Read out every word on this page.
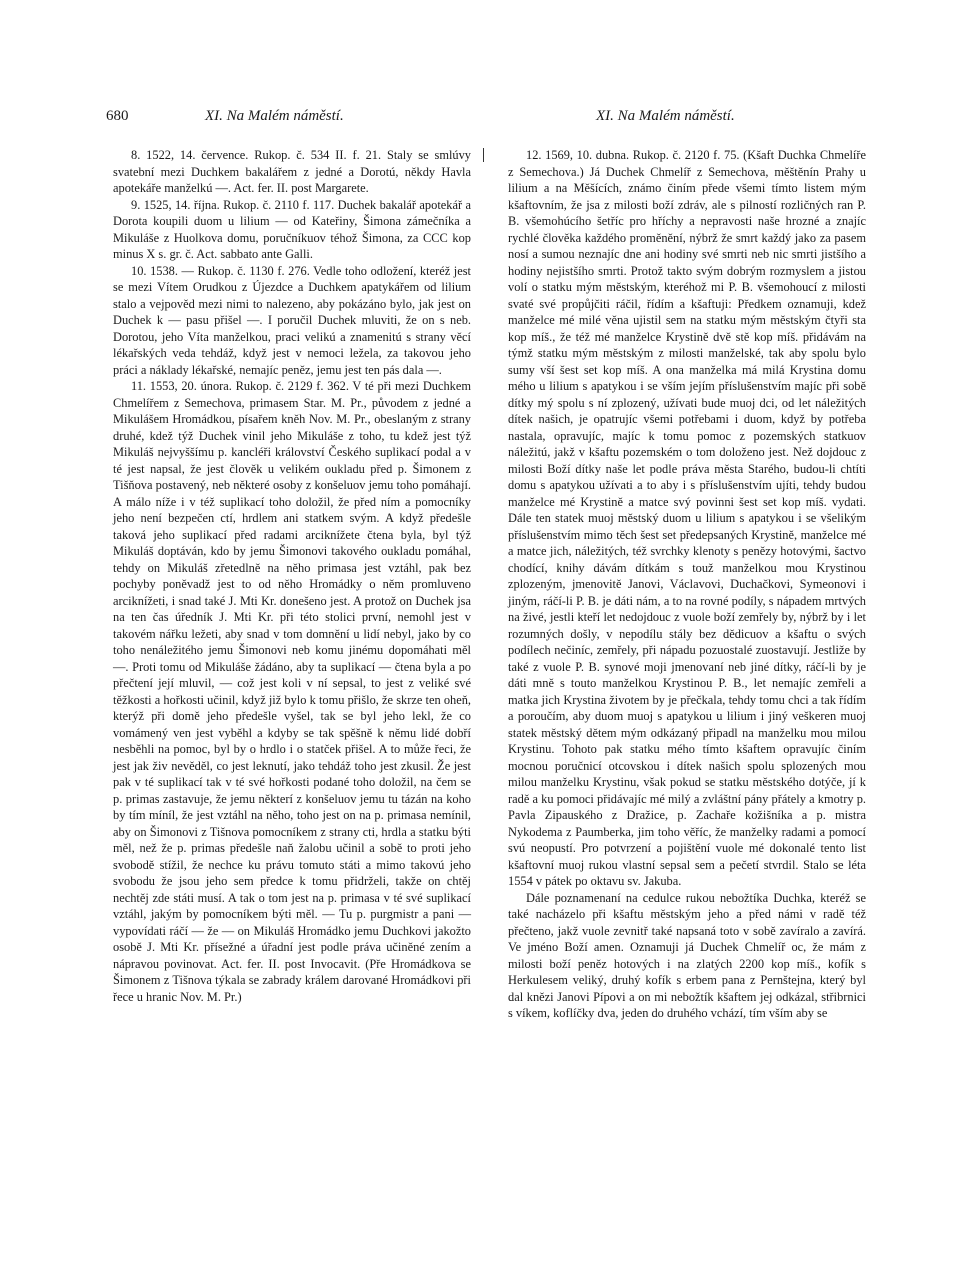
680	XI. Na Malém náměstí.	XI. Na Malém náměstí.

8. 1522, 14. července. Rukop. č. 534 II. f. 21. Staly se smlúvy svatební mezi Duchkem bakalářem z jedné a Dorotú, někdy Havla apotekáře manželkú —. Act. fer. II. post Margarete.

9. 1525, 14. října. Rukop. č. 2110 f. 117. Duchek bakalář apotekář a Dorota koupili duom u lilium — od Kateřiny, Šimona zámečníka a Mikuláše z Huolkova domu, poručníkuov téhož Šimona, za CCC kop minus X s. gr. č. Act. sabbato ante Galli.

10. 1538. — Rukop. č. 1130 f. 276. Vedle toho odložení, kteréž jest se mezi Vítem Orudkou z Újezdce a Duchkem apatykářem od lilium stalo a vejpověd mezi nimi to nalezeno, aby pokázáno bylo, jak jest on Duchek k — pasu přišel —. I poručil Duchek mluviti, že on s neb. Dorotou, jeho Víta manželkou, praci velikú a znamenitú s strany věcí lékařských veda tehdáž, když jest v nemoci ležela, za takovou jeho práci a náklady lékařské, nemajíc peněz, jemu jest ten pás dala —.

11. 1553, 20. února. Rukop. č. 2129 f. 362. V té při mezi Duchkem Chmelířem z Semechova, primasem Star. M. Pr., původem z jedné a Mikulášem Hromádkou, písařem kněh Nov. M. Pr., obeslaným z strany druhé, kdež týž Duchek vinil jeho Mikuláše z toho, tu kdež jest týž Mikuláš nejvyššímu p. kancléři království Českého suplikací podal a v té jest napsal, že jest člověk u velikém oukladu před p. Šimonem z Tišňova postavený, neb některé osoby z konšeluov jemu toho pomáhají. A málo níže i v též suplikací toho doložil, že před ním a pomocníky jeho není bezpečen ctí, hrdlem ani statkem svým. A když předešle taková jeho suplikací před radami arciknížete čtena byla, byl týž Mikuláš doptáván, kdo by jemu Šimonovi takového oukladu pomáhal, tehdy on Mikuláš zřetedlně na něho primasa jest vztáhl, pak bez pochyby poněvadž jest to od něho Hromádky o něm promluveno arciknížeti, i snad také J. Mti Kr. donešeno jest. A protož on Duchek jsa na ten čas úředník J. Mti Kr. při této stolici první, nemohl jest v takovém nářku ležeti, aby snad v tom domnění u lidí nebyl, jako by co toho nenáležitého jemu Šimonovi neb komu jinému dopomáhati měl —. Proti tomu od Mikuláše žádáno, aby ta suplikací — čtena byla a po přečtení její mluvil, — což jest koli v ní sepsal, to jest z veliké své těžkosti a hořkosti učinil, když již bylo k tomu přišlo, že skrze ten oheň, kterýž při domě jeho předešle vyšel, tak se byl jeho lekl, že co vomámený ven jest vyběhl a kdyby se tak spěšně k němu lidé dobří nesběhli na pomoc, byl by o hrdlo i o statček přišel. A to může řeci, že jest jak živ nevěděl, co jest leknutí, jako tehdáž toho jest zkusil. Že jest pak v té suplikací tak v té své hořkosti podané toho doložil, na čem se p. primas zastavuje, že jemu některí z konšeluov jemu tu tázán na koho by tím míníl, že jest vztáhl na něho, toho jest on na p. primasa nemínil, aby on Šimonovi z Tišnova pomocníkem z strany cti, hrdla a statku býti měl, než že p. primas předešle naň žalobu učinil a sobě to proti jeho svobodě stížil, že nechce ku právu tomuto státi a mimo takovú jeho svobodu že jsou jeho sem předce k tomu přidrželi, takže on chtěj nechtěj zde státi musí. A tak o tom jest na p. primasa v té své suplikací vztáhl, jakým by pomocníkem býti měl. — Tu p. purgmistr a pani — vypovídati ráčí — že — on Mikuláš Hromádko jemu Duchkovi jakožto osobě J. Mti Kr. přísežné a úřadní jest podle práva učiněné zením a nápravou povinovat. Act. fer. II. post Invocavit. (Pře Hromádkova se Šimonem z Tišnova týkala se zabrady králem darované Hromádkovi při řece u hranic Nov. M. Pr.)

12. 1569, 10. dubna. Rukop. č. 2120 f. 75. (Kšaft Duchka Chmelíře z Semechova.) Já Duchek Chmelíř z Semechova, měštěnín Prahy u lilium a na Měšících, známo činím přede všemi tímto listem mým kšaftovním, že jsa z milosti boží zdráv, ale s pilností rozličných ran P. B. všemohúcího šetříc pro hříchy a nepravosti naše hrozné a znajíc rychlé člověka každého proměnění, nýbrž že smrt každý jako za pasem nosí a sumou neznajíc dne ani hodiny své smrti neb nic smrti jistšího a hodiny nejistšího smrti. Protož takto svým dobrým rozmyslem a jistou volí o statku mým městským, kteréhož mi P. B. všemohoucí z milosti svaté své propůjčiti ráčil, řídím a kšaftuji: Předkem oznamuji, kdež manželce mé milé věna ujistil sem na statku mým městským čtyři sta kop míš., že též mé manželce Krystině dvě stě kop míš. přidávám na týmž statku mým městským z milosti manželské, tak aby spolu bylo sumy vší šest set kop míš. A ona manželka má milá Krystina domu mého u lilium s apatykou i se vším jejím příslušenstvím majíc při sobě dítky mý spolu s ní zplozený, užívati bude muoj dci, od let náležitých dítek našich, je opatrujíc všemi potřebami i duom, když by potřeba nastala, opravujíc, majíc k tomu pomoc z pozemských statkuov náležitú, jakž v kšaftu pozemském o tom doloženo jest. Než dojdouc z milosti Boží dítky naše let podle práva města Starého, budou-li chtíti domu s apatykou užívati a to aby i s příslušenstvím ujíti, tehdy budou manželce mé Krystině a matce svý povinni šest set kop míš. vydati. Dále ten statek muoj městský duom u lilium s apatykou i se všelikým příslušenstvím mimo těch šest set předepsaných Krystině, manželce mé a matce jich, náležitých, též svrchky klenoty s penězy hotovými, šactvo chodící, knihy dávám dítkám s touž manželkou mou Krystinou zplozeným, jmenovitě Janovi, Václavovi, Duchačkovi, Symeonovi i jiným, ráčí-li P. B. je dáti nám, a to na rovné podíly, s nápadem mrtvých na živé, jestli kteří let nedojdouc z vuole boží zemřely by, nýbrž by i let rozumných došly, v nepodílu stály bez dědicuov a kšaftu o svých podílech nečiníc, zemřely, při nápadu pozuostalé zuostavují. Jestliže by také z vuole P. B. synové moji jmenovaní neb jiné dítky, ráčí-li by je dáti mně s touto manželkou Krystinou P. B., let nemajíc zemřeli a matka jich Krystina životem by je přečkala, tehdy tomu chci a tak řídím a poroučím, aby duom muoj s apatykou u lilium i jiný veškeren muoj statek městský dětem mým odkázaný připadl na manželku mou milou Krystinu. Tohoto pak statku mého tímto kšaftem opravujíc činím mocnou poručnicí otcovskou i dítek našich spolu splozených mou milou manželku Krystinu, však pokud se statku městského dotýče, jí k radě a ku pomoci přidávajíc mé milý a zvláštní pány přátely a kmotry p. Pavla Zipauského z Dražice, p. Zachaře kožišníka a p. mistra Nykodema z Paumberka, jim toho věříc, že manželky radami a pomocí svú neopustí. Pro potvrzení a pojištění vuole mé dokonalé tento list kšaftovní muoj rukou vlastní sepsal sem a pečetí stvrdil. Stalo se léta 1554 v pátek po oktavu sv. Jakuba.

Dále poznamenaní na cedulce rukou nebožtíka Duchka, kteréž se také nacházelo při kšaftu městským jeho a před námi v radě též přečteno, jakž vuole zevnitř také napsaná toto v sobě zavíralo a zavírá. Ve jméno Boží amen. Oznamuji já Duchek Chmelíř oc, že mám z milosti boží peněz hotových i na zlatých 2200 kop míš., kofík s Herkulesem veliký, druhý kofík s erbem pana z Pernštejna, který byl dal knězi Janovi Pípovi a on mi nebožtík kšaftem jej odkázal, střibrnici s víkem, koflíčky dva, jeden do druhého vchází, tím vším aby se
